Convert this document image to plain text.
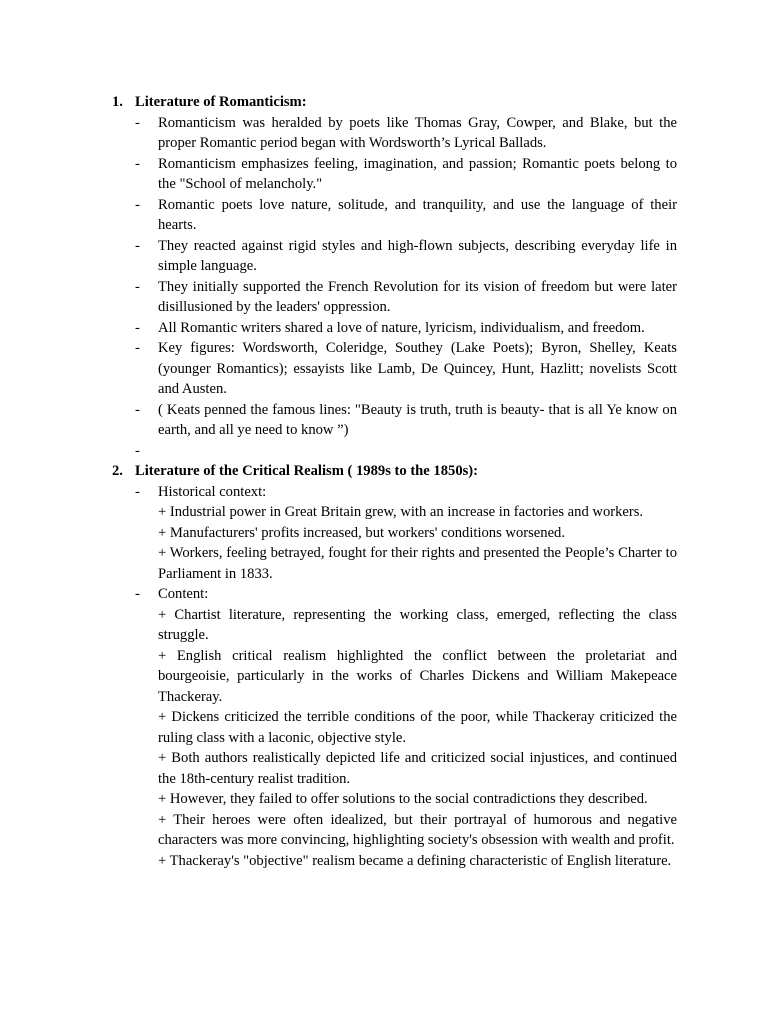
1. Literature of Romanticism:
-	Romanticism was heralded by poets like Thomas Gray, Cowper, and Blake, but the proper Romantic period began with Wordsworth’s Lyrical Ballads.
-	Romanticism emphasizes feeling, imagination, and passion; Romantic poets belong to the "School of melancholy."
-	Romantic poets love nature, solitude, and tranquility, and use the language of their hearts.
-	They reacted against rigid styles and high-flown subjects, describing everyday life in simple language.
-	They initially supported the French Revolution for its vision of freedom but were later disillusioned by the leaders' oppression.
-	All Romantic writers shared a love of nature, lyricism, individualism, and freedom.
-	Key figures: Wordsworth, Coleridge, Southey (Lake Poets); Byron, Shelley, Keats (younger Romantics); essayists like Lamb, De Quincey, Hunt, Hazlitt; novelists Scott and Austen.
-	( Keats penned the famous lines: "Beauty is truth, truth is beauty- that is all Ye know on earth, and all ye need to know ”)
-
2. Literature of the Critical Realism ( 1989s to the 1850s):
-	Historical context:
+ Industrial power in Great Britain grew, with an increase in factories and workers.
+ Manufacturers' profits increased, but workers' conditions worsened.
+ Workers, feeling betrayed, fought for their rights and presented the People’s Charter to Parliament in 1833.
-	Content:
+ Chartist literature, representing the working class, emerged, reflecting the class struggle.
+ English critical realism highlighted the conflict between the proletariat and bourgeoisie, particularly in the works of Charles Dickens and William Makepeace Thackeray.
+ Dickens criticized the terrible conditions of the poor, while Thackeray criticized the ruling class with a laconic, objective style.
+ Both authors realistically depicted life and criticized social injustices, and continued the 18th-century realist tradition.
+ However, they failed to offer solutions to the social contradictions they described.
+ Their heroes were often idealized, but their portrayal of humorous and negative characters was more convincing, highlighting society's obsession with wealth and profit.
+ Thackeray's "objective" realism became a defining characteristic of English literature.
